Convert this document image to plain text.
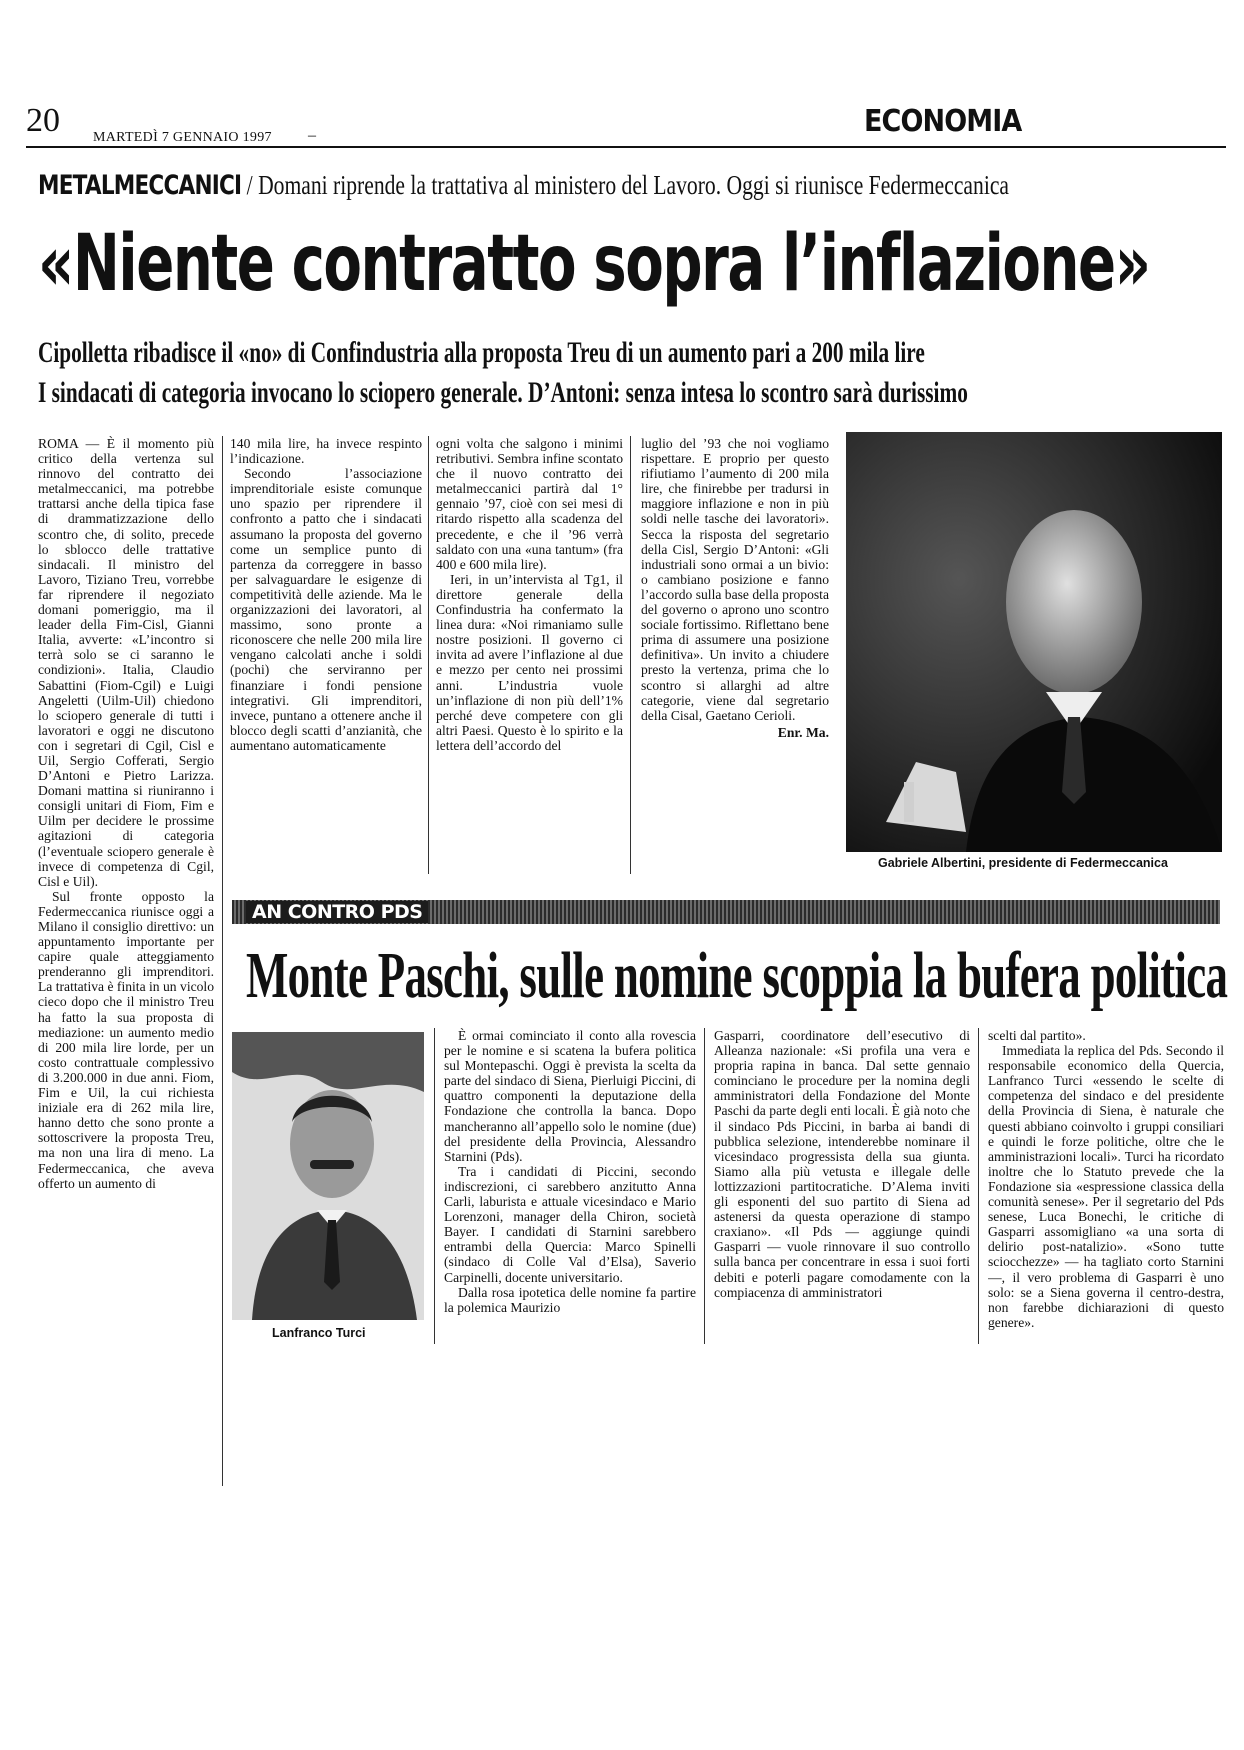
20 MARTEDÌ 7 GENNAIO 1997 –	ECONOMIA
METALMECCANICI / Domani riprende la trattativa al ministero del Lavoro. Oggi si riunisce Federmeccanica
«Niente contratto sopra l’inflazione»
Cipolletta ribadisce il «no» di Confindustria alla proposta Treu di un aumento pari a 200 mila lire
I sindacati di categoria invocano lo sciopero generale. D’Antoni: senza intesa lo scontro sarà durissimo

ROMA — È il momento più critico della vertenza sul rinnovo del contratto dei metalmeccanici, ma potrebbe trattarsi anche della tipica fase di drammatizzazione dello scontro che, di solito, precede lo sblocco delle trattative sindacali. Il ministro del Lavoro, Tiziano Treu, vorrebbe far riprendere il negoziato domani pomeriggio, ma il leader della Fim-Cisl, Gianni Italia, avverte: «L’incontro si terrà solo se ci saranno le condizioni». Italia, Claudio Sabattini (Fiom-Cgil) e Luigi Angeletti (Uilm-Uil) chiedono lo sciopero generale di tutti i lavoratori e oggi ne discutono con i segretari di Cgil, Cisl e Uil, Sergio Cofferati, Sergio D’Antoni e Pietro Larizza. Domani mattina si riuniranno i consigli unitari di Fiom, Fim e Uilm per decidere le prossime agitazioni di categoria (l’eventuale sciopero generale è invece di competenza di Cgil, Cisl e Uil).

Sul fronte opposto la Federmeccanica riunisce oggi a Milano il consiglio direttivo: un appuntamento importante per capire quale atteggiamento prenderanno gli imprenditori. La trattativa è finita in un vicolo cieco dopo che il ministro Treu ha fatto la sua proposta di mediazione: un aumento medio di 200 mila lire lorde, per un costo contrattuale complessivo di 3.200.000 in due anni. Fiom, Fim e Uil, la cui richiesta iniziale era di 262 mila lire, hanno detto che sono pronte a sottoscrivere la proposta Treu, ma non una lira di meno. La Federmeccanica, che aveva offerto un aumento di

140 mila lire, ha invece respinto l’indicazione.

Secondo l’associazione imprenditoriale esiste comunque uno spazio per riprendere il confronto a patto che i sindacati assumano la proposta del governo come un semplice punto di partenza da correggere in basso per salvaguardare le esigenze di competitività delle aziende. Ma le organizzazioni dei lavoratori, al massimo, sono pronte a riconoscere che nelle 200 mila lire vengano calcolati anche i soldi (pochi) che serviranno per finanziare i fondi pensione integrativi. Gli imprenditori, invece, puntano a ottenere anche il blocco degli scatti d’anzianità, che aumentano automaticamente

ogni volta che salgono i minimi retributivi. Sembra infine scontato che il nuovo contratto dei metalmeccanici partirà dal 1° gennaio ’97, cioè con sei mesi di ritardo rispetto alla scadenza del precedente, e che il ’96 verrà saldato con una «una tantum» (fra 400 e 600 mila lire).

Ieri, in un’intervista al Tg1, il direttore generale della Confindustria ha confermato la linea dura: «Noi rimaniamo sulle nostre posizioni. Il governo ci invita ad avere l’inflazione al due e mezzo per cento nei prossimi anni. L’industria vuole un’inflazione di non più dell’1% perché deve competere con gli altri Paesi. Questo è lo spirito e la lettera dell’accordo del

luglio del ’93 che noi vogliamo rispettare. E proprio per questo rifiutiamo l’aumento di 200 mila lire, che finirebbe per tradursi in maggiore inflazione e non in più soldi nelle tasche dei lavoratori». Secca la risposta del segretario della Cisl, Sergio D’Antoni: «Gli industriali sono ormai a un bivio: o cambiano posizione e fanno l’accordo sulla base della proposta del governo o aprono uno scontro sociale fortissimo. Riflettano bene prima di assumere una posizione definitiva». Un invito a chiudere presto la vertenza, prima che lo scontro si allarghi ad altre categorie, viene dal segretario della Cisal, Gaetano Cerioli.

Enr. Ma.

Gabriele Albertini, presidente di Federmeccanica
AN CONTRO PDS
Monte Paschi, sulle nomine scoppia la bufera politica
Lanfranco Turci

È ormai cominciato il conto alla rovescia per le nomine e si scatena la bufera politica sul Montepaschi. Oggi è prevista la scelta da parte del sindaco di Siena, Pierluigi Piccini, di quattro componenti la deputazione della Fondazione che controlla la banca. Dopo mancheranno all’appello solo le nomine (due) del presidente della Provincia, Alessandro Starnini (Pds).

Tra i candidati di Piccini, secondo indiscrezioni, ci sarebbero anzitutto Anna Carli, laburista e attuale vicesindaco e Mario Lorenzoni, manager della Chiron, società Bayer. I candidati di Starnini sarebbero entrambi della Quercia: Marco Spinelli (sindaco di Colle Val d’Elsa), Saverio Carpinelli, docente universitario.

Dalla rosa ipotetica delle nomine fa partire la polemica Maurizio

Gasparri, coordinatore dell’esecutivo di Alleanza nazionale: «Si profila una vera e propria rapina in banca. Dal sette gennaio cominciano le procedure per la nomina degli amministratori della Fondazione del Monte Paschi da parte degli enti locali. È già noto che il sindaco Pds Piccini, in barba ai bandi di pubblica selezione, intenderebbe nominare il vicesindaco progressista della sua giunta. Siamo alla più vetusta e illegale delle lottizzazioni partitocratiche. D’Alema inviti gli esponenti del suo partito di Siena ad astenersi da questa operazione di stampo craxiano». «Il Pds — aggiunge quindi Gasparri — vuole rinnovare il suo controllo sulla banca per concentrare in essa i suoi forti debiti e poterli pagare comodamente con la compiacenza di amministratori

scelti dal partito».

Immediata la replica del Pds. Secondo il responsabile economico della Quercia, Lanfranco Turci «essendo le scelte di competenza del sindaco e del presidente della Provincia di Siena, è naturale che questi abbiano coinvolto i gruppi consiliari e quindi le forze politiche, oltre che le amministrazioni locali». Turci ha ricordato inoltre che lo Statuto prevede che la Fondazione sia «espressione classica della comunità senese». Per il segretario del Pds senese, Luca Bonechi, le critiche di Gasparri assomigliano «a una sorta di delirio post-natalizio». «Sono tutte sciocchezze» — ha tagliato corto Starnini —, il vero problema di Gasparri è uno solo: se a Siena governa il centro-destra, non farebbe dichiarazioni di questo genere».
